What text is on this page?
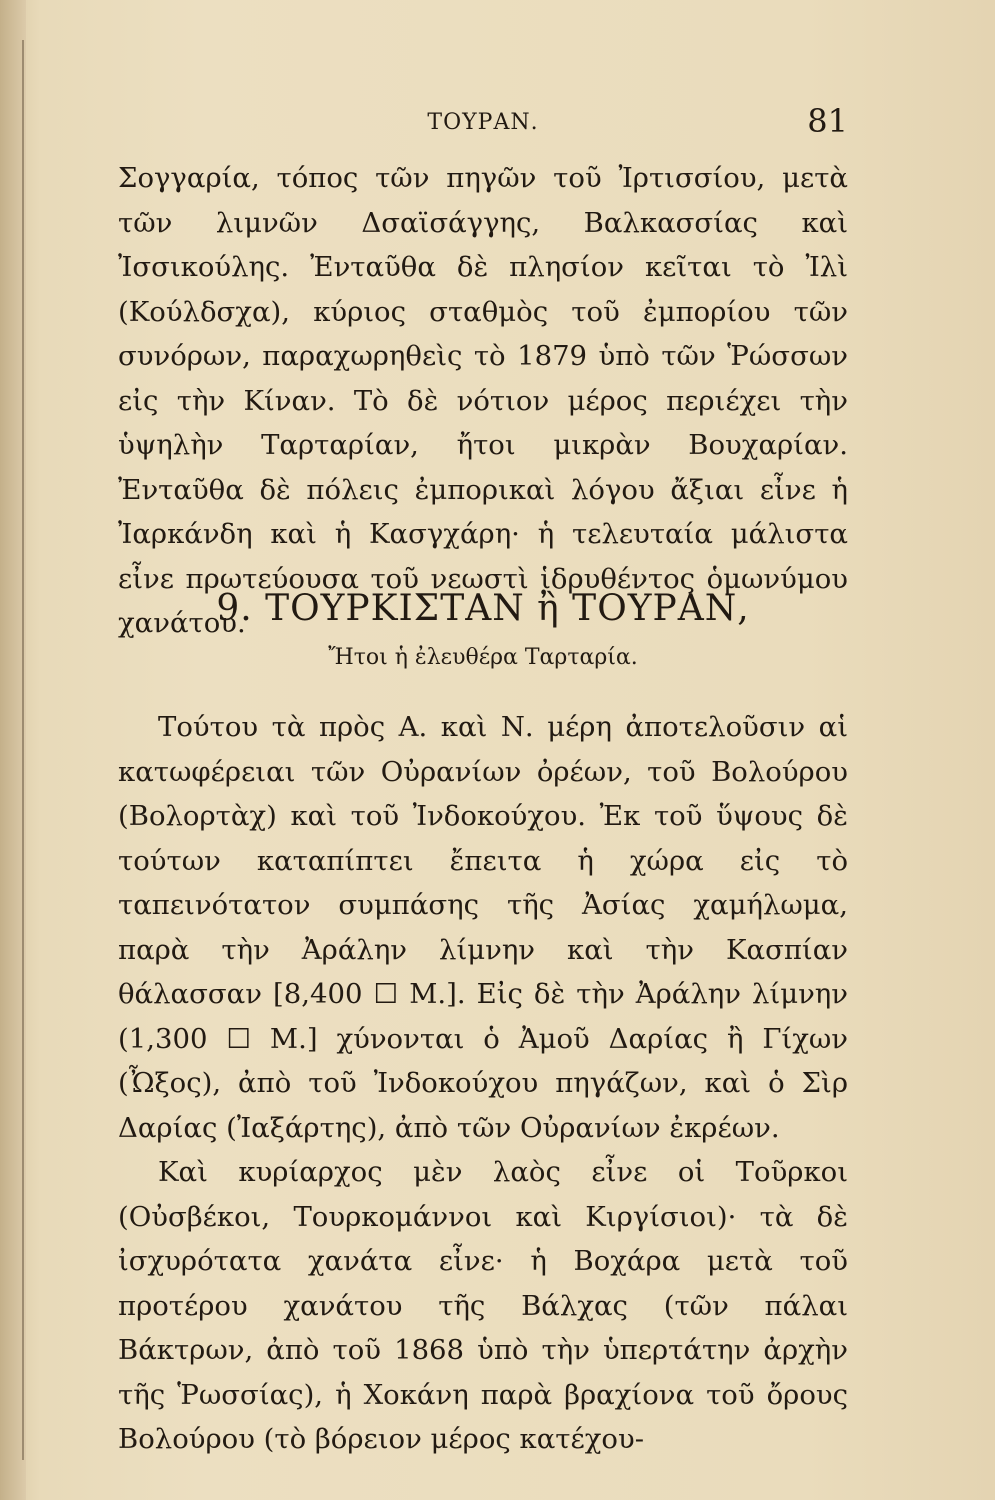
ΤΟΥΡΑΝ.	81

Σογγαρία, τόπος τῶν πηγῶν τοῦ Ἰρτισσίου, μετὰ τῶν λιμνῶν Δσαϊσάγγης, Βαλκασσίας καὶ Ἰσσικούλης. Ἐνταῦθα δὲ πλησίον κεῖται τὸ Ἰλὶ (Κούλδσχα), κύριος σταθμὸς τοῦ ἐμπορίου τῶν συνόρων, παραχωρηθεὶς τὸ 1879 ὑπὸ τῶν Ῥώσσων εἰς τὴν Κίναν. Τὸ δὲ νότιον μέρος περιέχει τὴν ὑψηλὴν Ταρταρίαν, ἤτοι μικρὰν Βουχαρίαν. Ἐνταῦθα δὲ πόλεις ἐμπορικαὶ λόγου ἄξιαι εἶνε ἡ Ἰαρκάνδη καὶ ἡ Κασγχάρη· ἡ τελευταία μάλιστα εἶνε πρωτεύουσα τοῦ νεωστὶ ἱδρυθέντος ὁμωνύμου χανάτου.

9. ΤΟΥΡΚΙΣΤΑΝ ἢ ΤΟΥΡΑΝ,
Ἤτοι ἡ ἐλευθέρα Ταρταρία.

Τούτου τὰ πρὸς Α. καὶ Ν. μέρη ἀποτελοῦσιν αἱ κατωφέρειαι τῶν Οὐρανίων ὀρέων, τοῦ Βολούρου (Βολορτὰχ) καὶ τοῦ Ἰνδοκούχου. Ἐκ τοῦ ὕψους δὲ τούτων καταπίπτει ἔπειτα ἡ χώρα εἰς τὸ ταπεινότατον συμπάσης τῆς Ἀσίας χαμήλωμα, παρὰ τὴν Ἀράλην λίμνην καὶ τὴν Κασπίαν θάλασσαν [8,400 ☐ Μ.]. Εἰς δὲ τὴν Ἀράλην λίμνην (1,300 ☐ Μ.] χύνονται ὁ Ἀμοῦ Δαρίας ἢ Γίχων (Ὦξος), ἀπὸ τοῦ Ἰνδοκούχου πηγάζων, καὶ ὁ Σὶρ Δαρίας (Ἰαξάρτης), ἀπὸ τῶν Οὐρανίων ἐκρέων.

Καὶ κυρίαρχος μὲν λαὸς εἶνε οἱ Τοῦρκοι (Οὐσβέκοι, Τουρκομάννοι καὶ Κιργίσιοι)· τὰ δὲ ἰσχυρότατα χανάτα εἶνε· ἡ Βοχάρα μετὰ τοῦ προτέρου χανάτου τῆς Βάλχας (τῶν πάλαι Βάκτρων, ἀπὸ τοῦ 1868 ὑπὸ τὴν ὑπερτάτην ἀρχὴν τῆς Ῥωσσίας), ἡ Χοκάνη παρὰ βραχίονα τοῦ ὄρους Βολούρου (τὸ βόρειον μέρος κατέχου-
